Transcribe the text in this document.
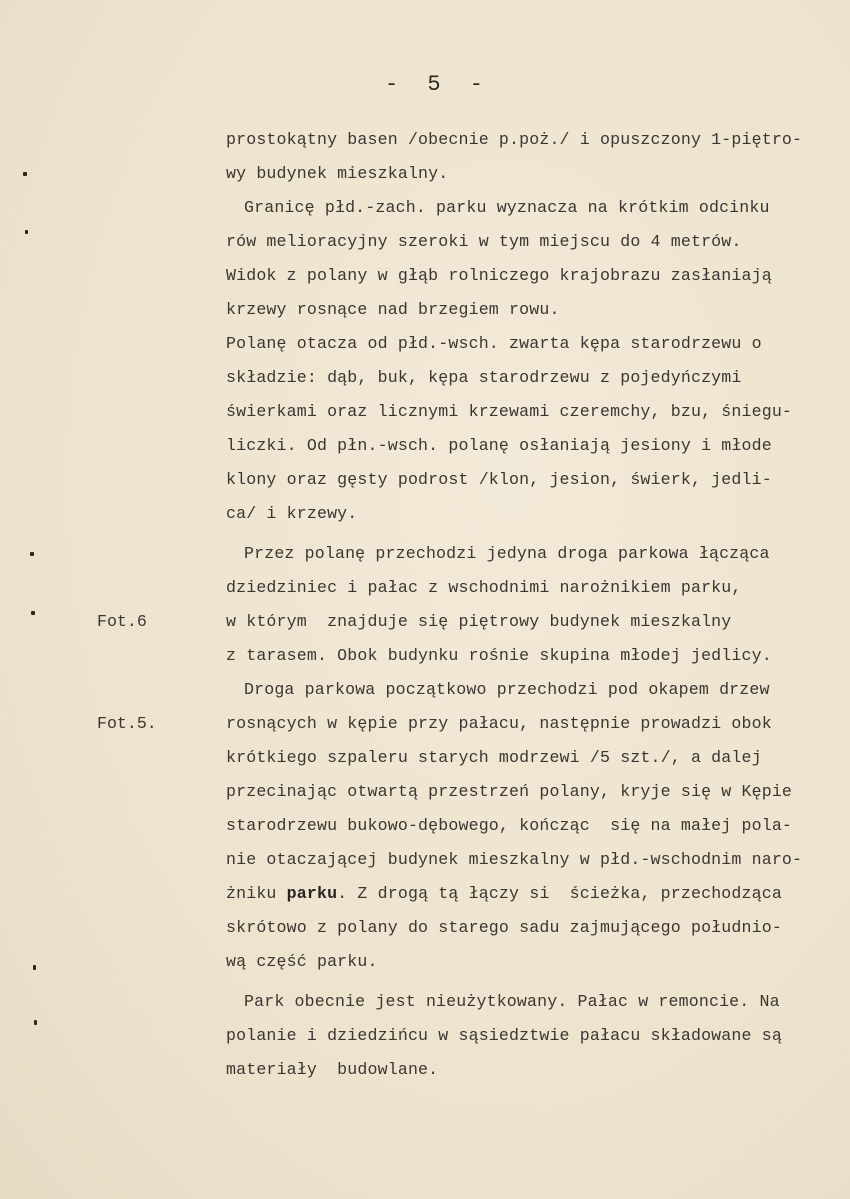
- 5 -
Fot.6
Fot.5.
prostokątny basen /obecnie p.poż./ i opuszczony 1-piętro-
wy budynek mieszkalny.
Granicę płd.-zach. parku wyznacza na krótkim odcinku
rów melioracyjny szeroki w tym miejscu do 4 metrów.
Widok z polany w głąb rolniczego krajobrazu zasłaniają
krzewy rosnące nad brzegiem rowu.
Polanę otacza od płd.-wsch. zwarta kępa starodrzewu o
składzie: dąb, buk, kępa starodrzewu z pojedyńczymi
świerkami oraz licznymi krzewami czeremchy, bzu, śniegu-
liczki. Od płn.-wsch. polanę osłaniają jesiony i młode
klony oraz gęsty podrost /klon, jesion, świerk, jedli-
ca/ i krzewy.
Przez polanę przechodzi jedyna droga parkowa łącząca
dziedziniec i pałac z wschodnimi narożnikiem parku,
w którym  znajduje się piętrowy budynek mieszkalny
z tarasem. Obok budynku rośnie skupina młodej jedlicy.
Droga parkowa początkowo przechodzi pod okapem drzew
rosnących w kępie przy pałacu, następnie prowadzi obok
krótkiego szpaleru starych modrzewi /5 szt./, a dalej
przecinając otwartą przestrzeń polany, kryje się w Kępie
starodrzewu bukowo-dębowego, kończąc  się na małej pola-
nie otaczającej budynek mieszkalny w płd.-wschodnim naro-
żniku parku. Z drogą tą łączy si  ścieżka, przechodząca
skrótowo z polany do starego sadu zajmującego południo-
wą część parku.
Park obecnie jest nieużytkowany. Pałac w remoncie. Na
polanie i dziedzińcu w sąsiedztwie pałacu składowane są
materiały  budowlane.
